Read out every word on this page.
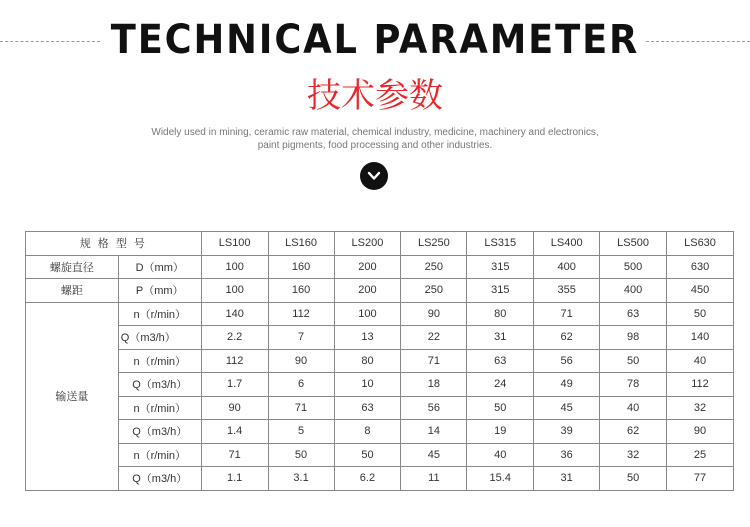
TECHNICAL PARAMETER
技术参数
Widely used in mining, ceramic raw material, chemical industry, medicine, machinery and electronics,
paint pigments, food processing and other industries.
规 格 型 号		LS100	LS160	LS200	LS250	LS315	LS400	LS500	LS630
螺旋直径	D（mm）	100	160	200	250	315	400	500	630
螺距	P（mm）	100	160	200	250	315	355	400	450
输送量	n（r/min）	140	112	100	90	80	71	63	50
	Q（m3/h）	2.2	7	13	22	31	62	98	140
	n（r/min）	112	90	80	71	63	56	50	40
	Q（m3/h）	1.7	6	10	18	24	49	78	112
	n（r/min）	90	71	63	56	50	45	40	32
	Q（m3/h）	1.4	5	8	14	19	39	62	90
	n（r/min）	71	50	50	45	40	36	32	25
	Q（m3/h）	1.1	3.1	6.2	11	15.4	31	50	77
